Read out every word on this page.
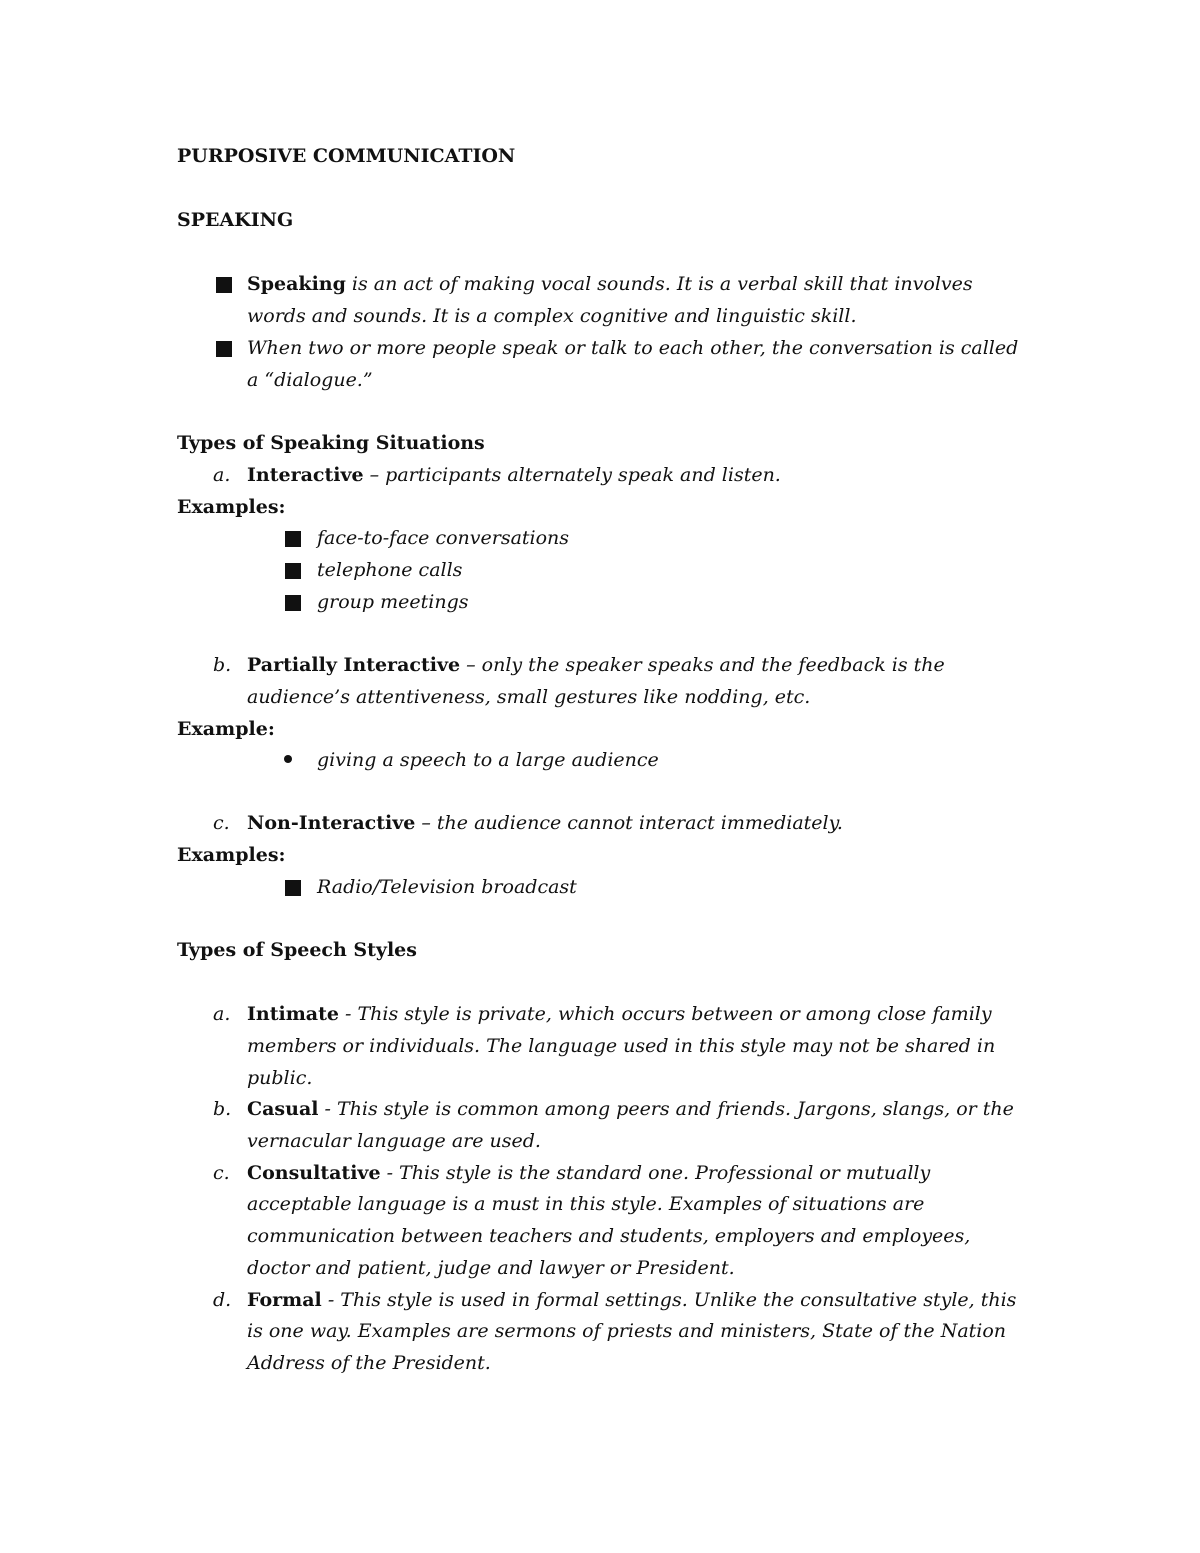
PURPOSIVE COMMUNICATION
SPEAKING
Speaking is an act of making vocal sounds. It is a verbal skill that involves
words and sounds. It is a complex cognitive and linguistic skill.
When two or more people speak or talk to each other, the conversation is called
a “dialogue.”
Types of Speaking Situations
a. Interactive – participants alternately speak and listen.
Examples:
face-to-face conversations
telephone calls
group meetings
b. Partially Interactive – only the speaker speaks and the feedback is the
audience’s attentiveness, small gestures like nodding, etc.
Example:
giving a speech to a large audience
c. Non-Interactive – the audience cannot interact immediately.
Examples:
Radio/Television broadcast
Types of Speech Styles
a. Intimate - This style is private, which occurs between or among close family
members or individuals. The language used in this style may not be shared in
public.
b. Casual - This style is common among peers and friends. Jargons, slangs, or the
vernacular language are used.
c. Consultative - This style is the standard one. Professional or mutually
acceptable language is a must in this style. Examples of situations are
communication between teachers and students, employers and employees,
doctor and patient, judge and lawyer or President.
d. Formal - This style is used in formal settings. Unlike the consultative style, this
is one way. Examples are sermons of priests and ministers, State of the Nation
Address of the President.
